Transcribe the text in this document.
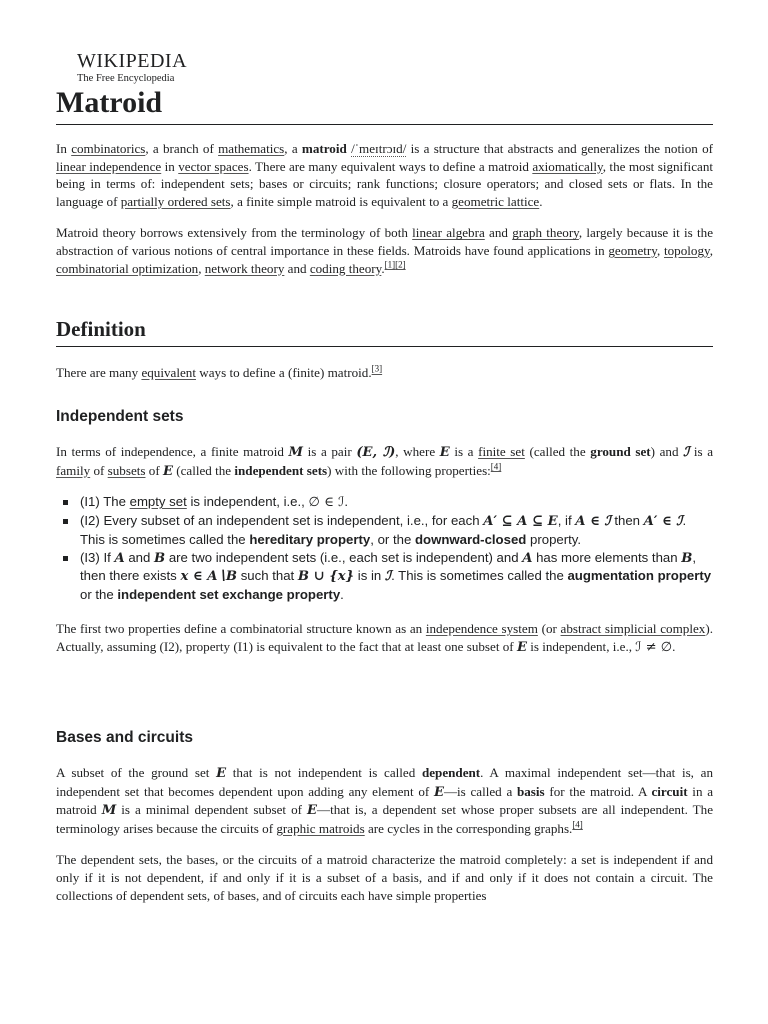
WIKIPEDIA
The Free Encyclopedia
Matroid

In combinatorics, a branch of mathematics, a matroid /ˈmeɪtrɔɪd/ is a structure that abstracts and generalizes the notion of linear independence in vector spaces. There are many equivalent ways to define a matroid axiomatically, the most significant being in terms of: independent sets; bases or circuits; rank functions; closure operators; and closed sets or flats. In the language of partially ordered sets, a finite simple matroid is equivalent to a geometric lattice.

Matroid theory borrows extensively from the terminology of both linear algebra and graph theory, largely because it is the abstraction of various notions of central importance in these fields. Matroids have found applications in geometry, topology, combinatorial optimization, network theory and coding theory.[1][2]

Definition

There are many equivalent ways to define a (finite) matroid.[3]

Independent sets

In terms of independence, a finite matroid M is a pair (E, ℐ), where E is a finite set (called the ground set) and ℐ is a family of subsets of E (called the independent sets) with the following properties:[4]

(I1) The empty set is independent, i.e., ∅ ∈ ℐ.
(I2) Every subset of an independent set is independent, i.e., for each A′ ⊆ A ⊆ E, if A ∈ ℐ then A′ ∈ ℐ. This is sometimes called the hereditary property, or the downward-closed property.
(I3) If A and B are two independent sets (i.e., each set is independent) and A has more elements than B, then there exists x ∈ A∖B such that B ∪ {x} is in ℐ. This is sometimes called the augmentation property or the independent set exchange property.

The first two properties define a combinatorial structure known as an independence system (or abstract simplicial complex). Actually, assuming (I2), property (I1) is equivalent to the fact that at least one subset of E is independent, i.e., ℐ ≠ ∅.

Bases and circuits

A subset of the ground set E that is not independent is called dependent. A maximal independent set—that is, an independent set that becomes dependent upon adding any element of E—is called a basis for the matroid. A circuit in a matroid M is a minimal dependent subset of E—that is, a dependent set whose proper subsets are all independent. The terminology arises because the circuits of graphic matroids are cycles in the corresponding graphs.[4]

The dependent sets, the bases, or the circuits of a matroid characterize the matroid completely: a set is independent if and only if it is not dependent, if and only if it is a subset of a basis, and if and only if it does not contain a circuit. The collections of dependent sets, of bases, and of circuits each have simple properties
